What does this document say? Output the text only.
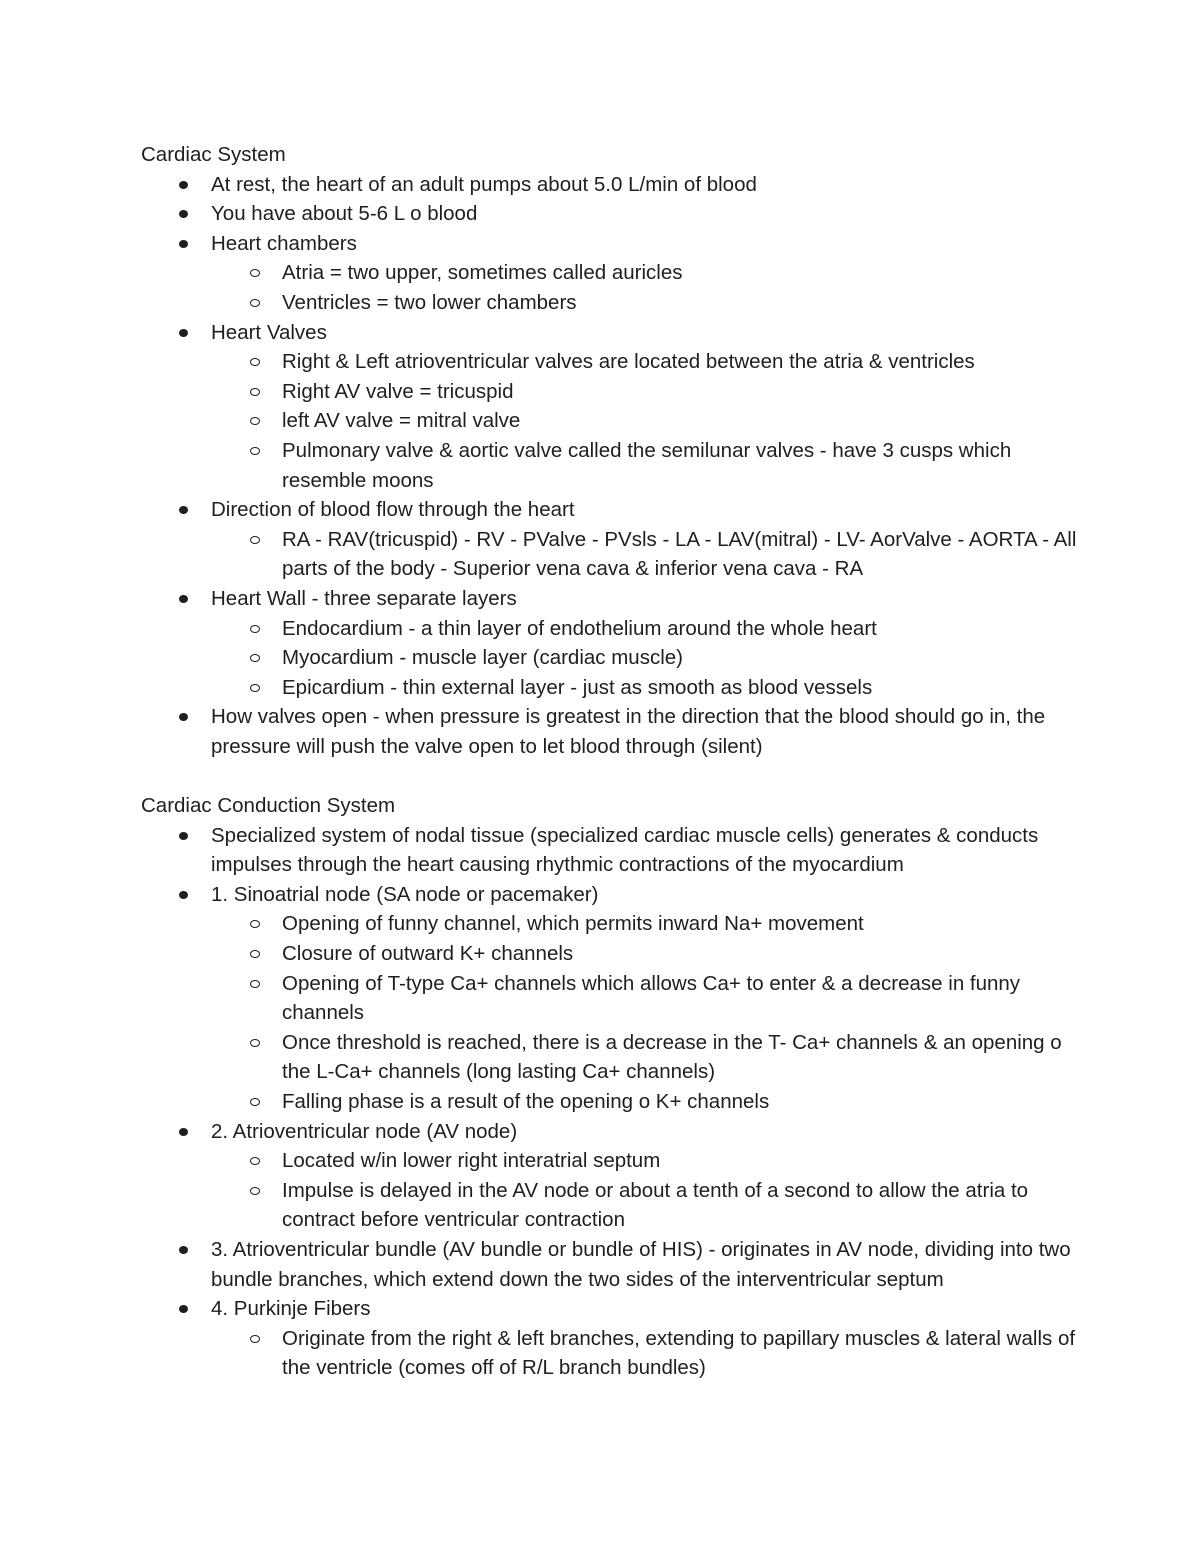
Cardiac System

At rest, the heart of an adult pumps about 5.0 L/min of blood
You have about 5-6 L o blood
Heart chambers
Atria = two upper, sometimes called auricles
Ventricles = two lower chambers
Heart Valves
Right & Left atrioventricular valves are located between the atria & ventricles
Right AV valve = tricuspid
left AV valve = mitral valve
Pulmonary valve & aortic valve called the semilunar valves - have 3 cusps which resemble moons
Direction of blood flow through the heart
RA - RAV(tricuspid) - RV - PValve - PVsls - LA - LAV(mitral) - LV- AorValve - AORTA - All parts of the body - Superior vena cava & inferior vena cava - RA
Heart Wall - three separate layers
Endocardium - a thin layer of endothelium around the whole heart
Myocardium - muscle layer (cardiac muscle)
Epicardium - thin external layer - just as smooth as blood vessels
How valves open - when pressure is greatest in the direction that the blood should go in, the pressure will push the valve open to let blood through (silent)

Cardiac Conduction System

Specialized system of nodal tissue (specialized cardiac muscle cells) generates & conducts impulses through the heart causing rhythmic contractions of the myocardium
1. Sinoatrial node (SA node or pacemaker)
Opening of funny channel, which permits inward Na+ movement
Closure of outward K+ channels
Opening of T-type Ca+ channels which allows Ca+ to enter & a decrease in funny channels
Once threshold is reached, there is a decrease in the T- Ca+ channels & an opening o the L-Ca+ channels (long lasting Ca+ channels)
Falling phase is a result of the opening o K+ channels
2. Atrioventricular node (AV node)
Located w/in lower right interatrial septum
Impulse is delayed in the AV node or about a tenth of a second to allow the atria to contract before ventricular contraction
3. Atrioventricular bundle (AV bundle or bundle of HIS) - originates in AV node, dividing into two bundle branches, which extend down the two sides of the interventricular septum
4. Purkinje Fibers
Originate from the right & left branches, extending to papillary muscles & lateral walls of the ventricle (comes off of R/L branch bundles)
